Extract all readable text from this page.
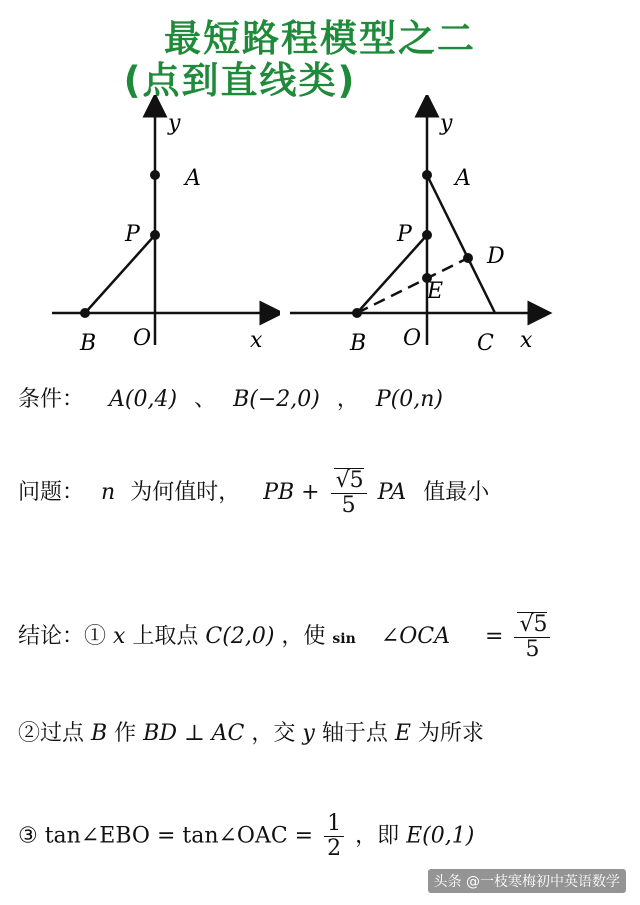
最短路程模型之二
(点到直线类)
y
A
P
B O	x
y
A
P
D
E
B O	C x
条件： A(0,4) 、 B(−2,0) ， P(0,n)
问题： n 为何值时， PB + $\frac{√5}{5}$ PA 值最小
结论：① x 上取点 C(2,0) ，使 sin ∠OCA = $\frac{√5}{5}$
②过点 B 作 BD ⊥ AC ，交 y 轴于点 E 为所求
③ tan∠EBO = tan∠OAC = $\frac{1}{2}$ ，即 E(0,1)
头条 @一枝寒梅初中英语数学
